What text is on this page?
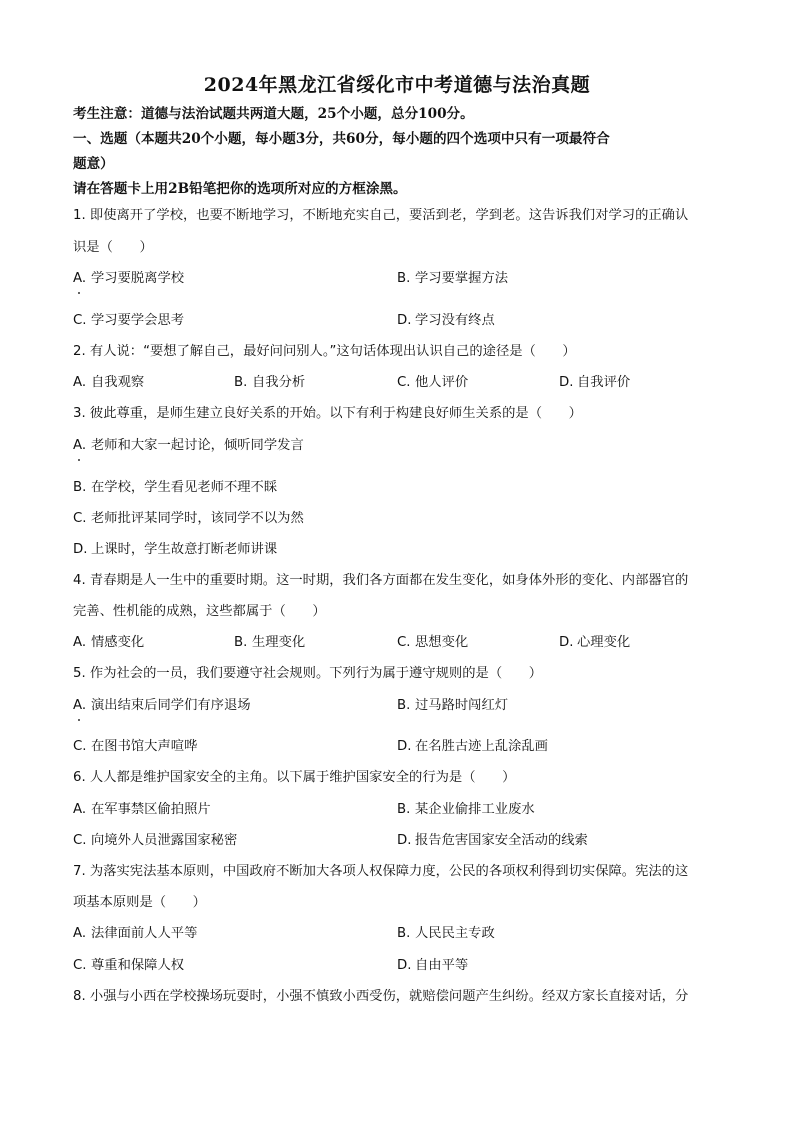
2024年黑龙江省绥化市中考道德与法治真题
考生注意：道德与法治试题共两道大题，25个小题，总分100分。
一、选题（本题共20个小题，每小题3分，共60分，每小题的四个选项中只有一项最符合
题意）
请在答题卡上用2B铅笔把你的选项所对应的方框涂黑。
1. 即使离开了学校，也要不断地学习，不断地充实自己，要活到老，学到老。这告诉我们对学习的正确认
识是（　　）
A. 学习要脱离学校	B. 学习要掌握方法
C. 学习要学会思考	D. 学习没有终点
2. 有人说：“要想了解自己，最好问问别人。”这句话体现出认识自己的途径是（　　）
A. 自我观察	B. 自我分析	C. 他人评价	D. 自我评价
3. 彼此尊重，是师生建立良好关系的开始。以下有利于构建良好师生关系的是（　　）
A. 老师和大家一起讨论，倾听同学发言
B. 在学校，学生看见老师不理不睬
C. 老师批评某同学时，该同学不以为然
D. 上课时，学生故意打断老师讲课
4. 青春期是人一生中的重要时期。这一时期，我们各方面都在发生变化，如身体外形的变化、内部器官的
完善、性机能的成熟，这些都属于（　　）
A. 情感变化	B. 生理变化	C. 思想变化	D. 心理变化
5. 作为社会的一员，我们要遵守社会规则。下列行为属于遵守规则的是（　　）
A. 演出结束后同学们有序退场	B. 过马路时闯红灯
C. 在图书馆大声喧哗	D. 在名胜古迹上乱涂乱画
6. 人人都是维护国家安全的主角。以下属于维护国家安全的行为是（　　）
A. 在军事禁区偷拍照片	B. 某企业偷排工业废水
C. 向境外人员泄露国家秘密	D. 报告危害国家安全活动的线索
7. 为落实宪法基本原则，中国政府不断加大各项人权保障力度，公民的各项权利得到切实保障。宪法的这
项基本原则是（　　）
A. 法律面前人人平等	B. 人民民主专政
C. 尊重和保障人权	D. 自由平等
8. 小强与小西在学校操场玩耍时，小强不慎致小西受伤，就赔偿问题产生纠纷。经双方家长直接对话，分
